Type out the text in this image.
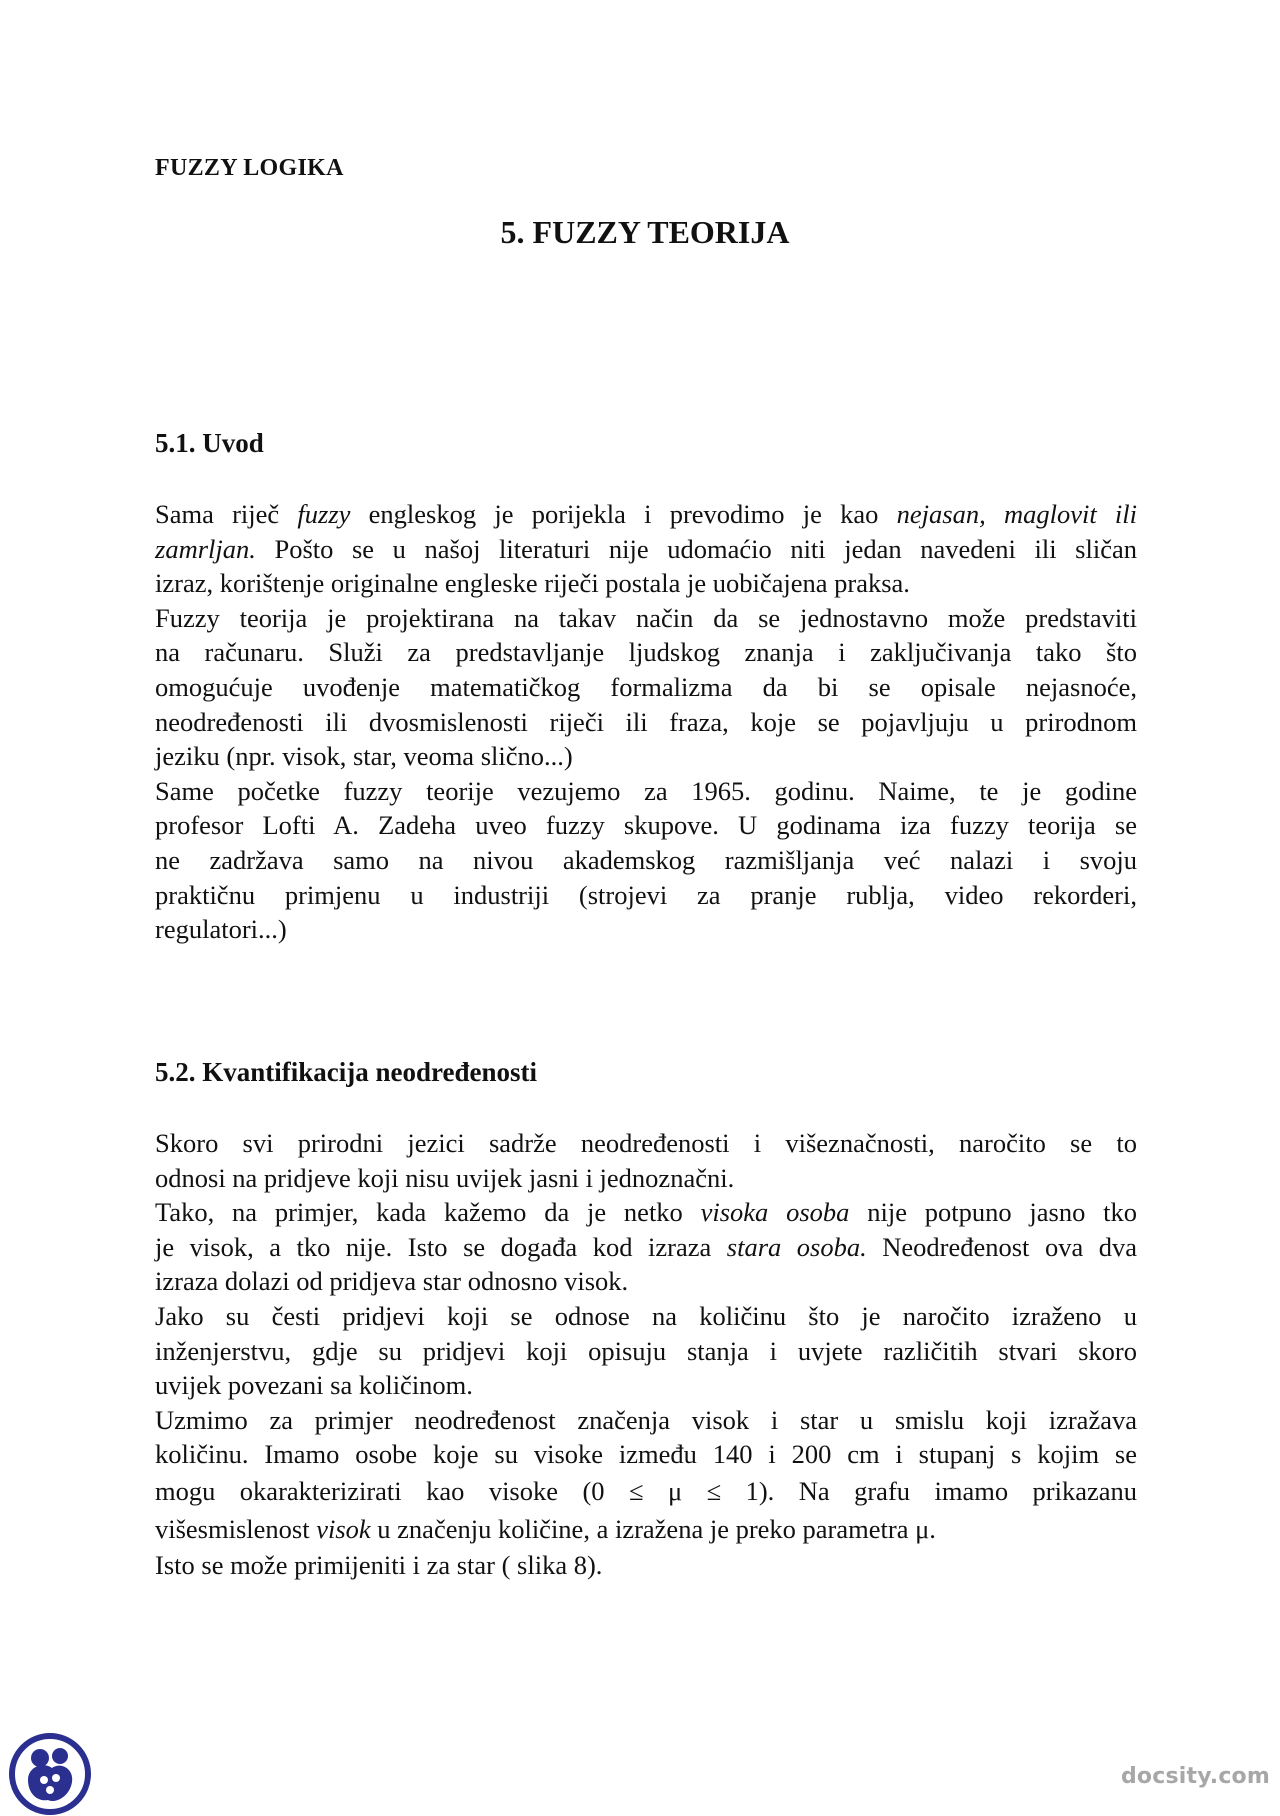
FUZZY LOGIKA
5. FUZZY TEORIJA
5.1. Uvod

Sama riječ fuzzy engleskog je porijekla i prevodimo je kao nejasan, maglovit ili
zamrljan. Pošto se u našoj literaturi nije udomaćio niti jedan navedeni ili sličan
izraz, korištenje originalne engleske riječi postala je uobičajena praksa.

Fuzzy teorija je projektirana na takav način da se jednostavno može predstaviti
na računaru. Služi za predstavljanje ljudskog znanja i zaključivanja tako što
omogućuje uvođenje matematičkog formalizma da bi se opisale nejasnoće,
neodređenosti ili dvosmislenosti riječi ili fraza, koje se pojavljuju u prirodnom
jeziku (npr. visok, star, veoma slično...)

Same početke fuzzy teorije vezujemo za 1965. godinu. Naime, te je godine
profesor Lofti A. Zadeha uveo fuzzy skupove. U godinama iza fuzzy teorija se
ne zadržava samo na nivou akademskog razmišljanja već nalazi i svoju
praktičnu primjenu u industriji (strojevi za pranje rublja, video rekorderi,
regulatori...)

5.2. Kvantifikacija neodređenosti

Skoro svi prirodni jezici sadrže neodređenosti i višeznačnosti, naročito se to
odnosi na pridjeve koji nisu uvijek jasni i jednoznačni.

Tako, na primjer, kada kažemo da je netko visoka osoba nije potpuno jasno tko
je visok, a tko nije. Isto se događa kod izraza stara osoba. Neodređenost ova dva
izraza dolazi od pridjeva star odnosno visok.

Jako su česti pridjevi koji se odnose na količinu što je naročito izraženo u
inženjerstvu, gdje su pridjevi koji opisuju stanja i uvjete različitih stvari skoro
uvijek povezani sa količinom.

Uzmimo za primjer neodređenost značenja visok i star u smislu koji izražava
količinu. Imamo osobe koje su visoke između 140 i 200 cm i stupanj s kojim se
mogu okarakterizirati kao visoke (0 ≤ μ ≤ 1). Na grafu imamo prikazanu
višesmislenost visok u značenju količine, a izražena je preko parametra μ.

Isto se može primijeniti i za star ( slika 8).

docsity.com
